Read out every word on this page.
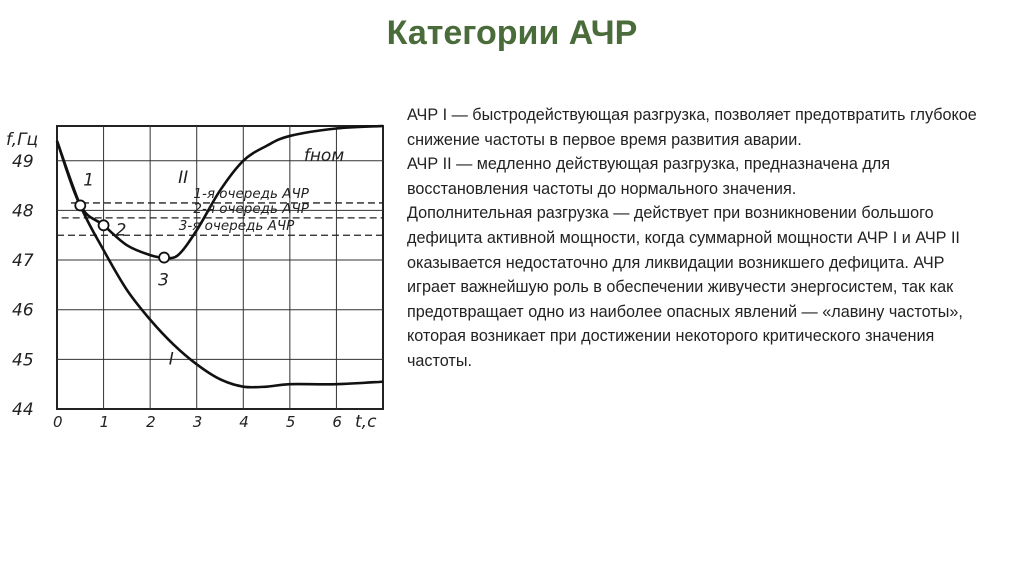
Категории АЧР
0 1 2 3 4 5 6
49
48
47
46
45
44
f,Гц
t,c
1-я очередь АЧР
2-я очередь АЧР
3-я очередь АЧР
I
II
1
2
3
fном

АЧР I — быстродействующая разгрузка, позволяет предотвратить глубокое снижение частоты в первое время развития аварии.

АЧР II — медленно действующая разгрузка, предназначена для восстановления частоты до нормального значения.

Дополнительная разгрузка — действует при возникновении большого дефицита активной мощности, когда суммарной мощности АЧР I и АЧР II оказывается недостаточно для ликвидации возникшего дефицита. АЧР играет важнейшую роль в обеспечении живучести энергосистем, так как предотвращает одно из наиболее опасных явлений — «лавину частоты», которая возникает при достижении некоторого критического значения частоты.
